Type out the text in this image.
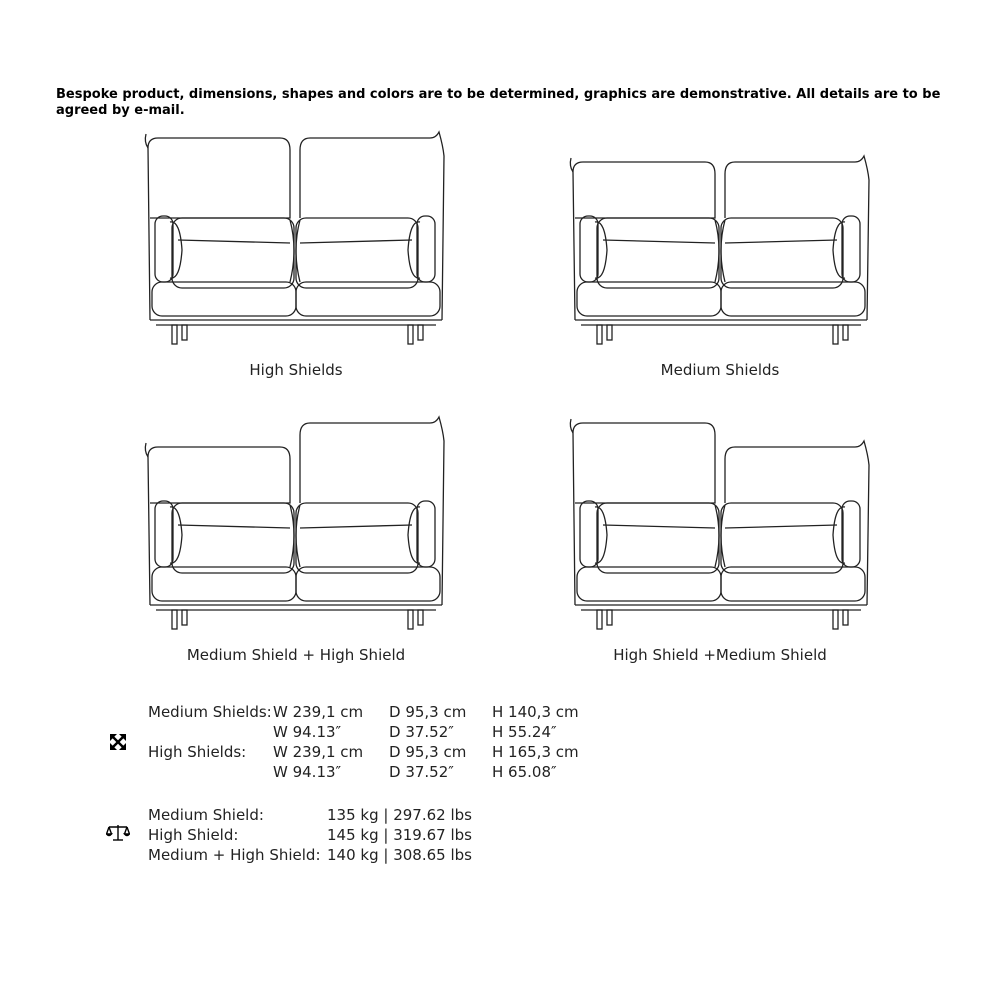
Bespoke product, dimensions, shapes and colors are to be determined, graphics are demonstrative. All details are to be agreed by e-mail.
High Shields	Medium Shields
Medium Shield + High Shield	High Shield +Medium Shield
Medium Shields: W 239,1 cm D 95,3 cm H 140,3 cm
W 94.13″	D 37.52″	H 55.24″
High Shields: W 239,1 cm D 95,3 cm H 165,3 cm
W 94.13″	D 37.52″	H 65.08″
Medium Shield:	135 kg | 297.62 lbs
High Shield:	145 kg | 319.67 lbs
Medium + High Shield: 140 kg | 308.65 lbs
